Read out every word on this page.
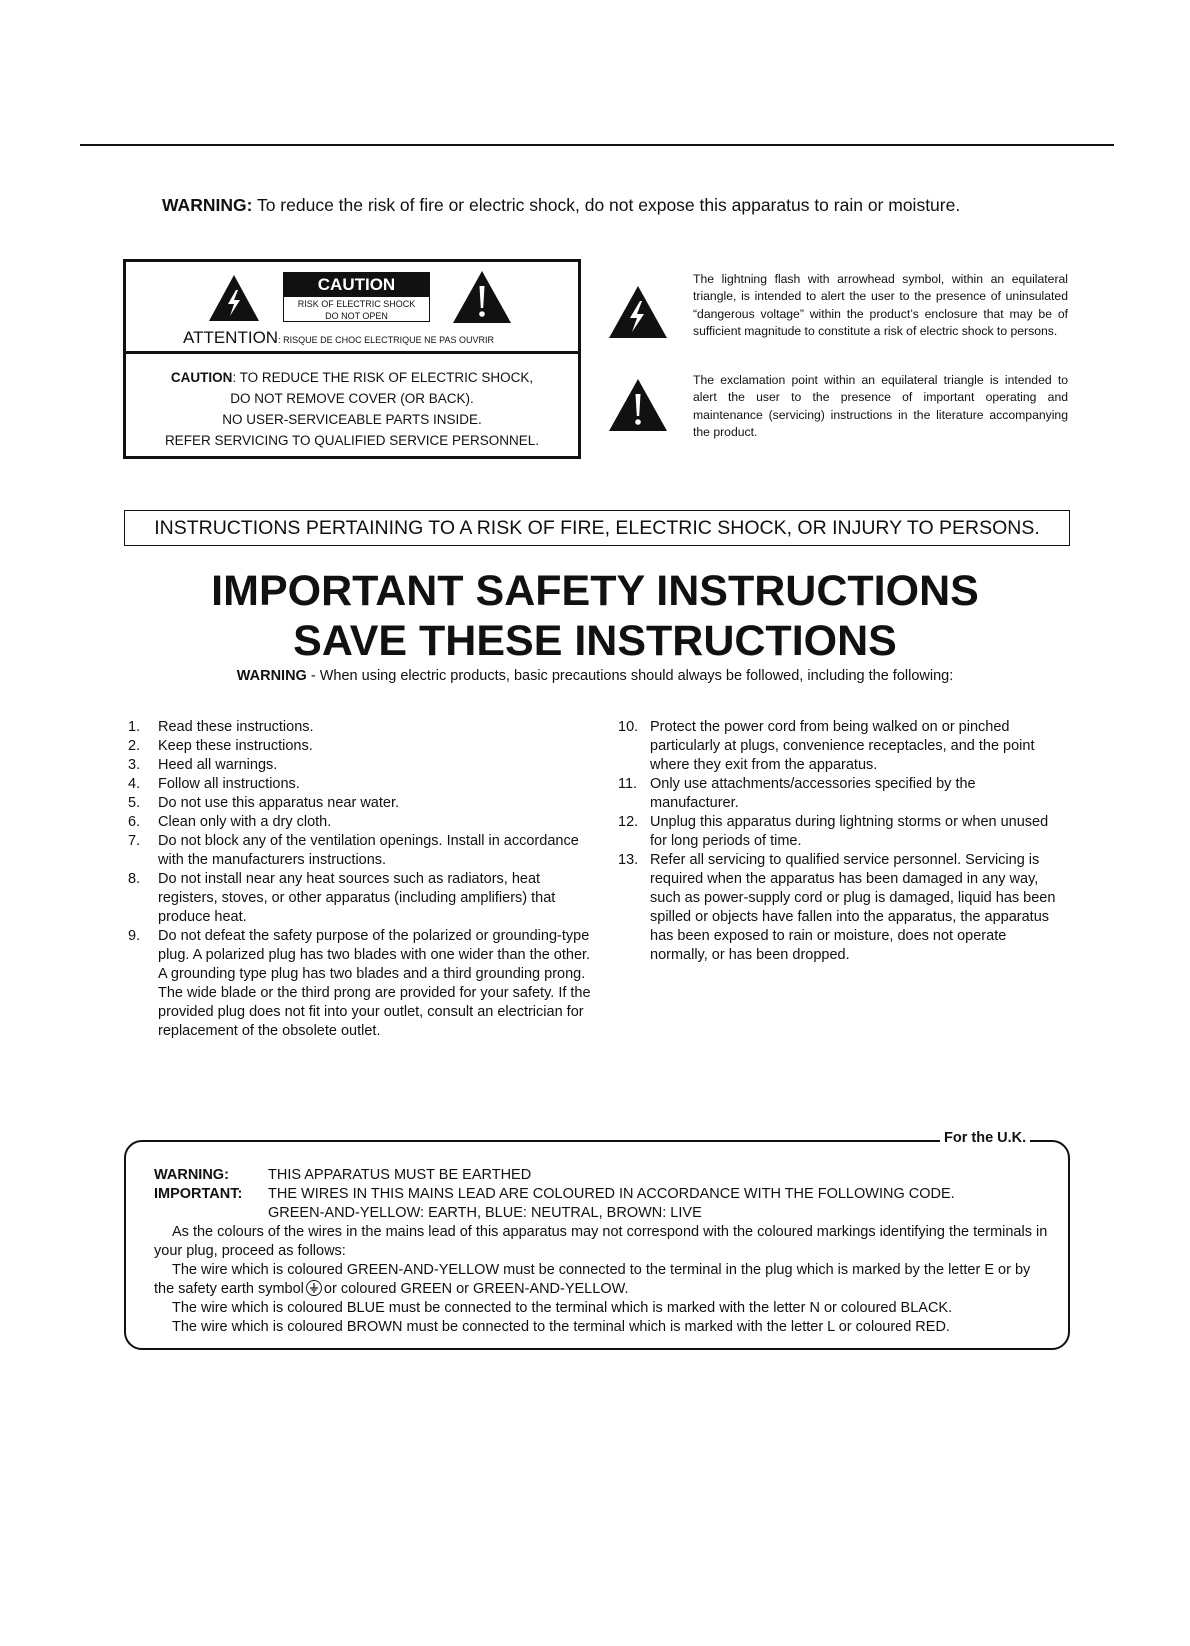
WARNING: To reduce the risk of fire or electric shock, do not expose this apparatus to rain or moisture.
CAUTION
RISK OF ELECTRIC SHOCK
DO NOT OPEN
ATTENTION: RISQUE DE CHOC ELECTRIQUE NE PAS OUVRIR
CAUTION: TO REDUCE THE RISK OF ELECTRIC SHOCK,
DO NOT REMOVE COVER (OR BACK).
NO USER-SERVICEABLE PARTS INSIDE.
REFER SERVICING TO QUALIFIED SERVICE PERSONNEL.
The lightning flash with arrowhead symbol, within an equilateral triangle, is intended to alert the user to the presence of uninsulated “dangerous voltage” within the product’s enclosure that may be of sufficient magnitude to constitute a risk of electric shock to persons.
The exclamation point within an equilateral triangle is intended to alert the user to the presence of important operating and maintenance (servicing) instructions in the literature accompanying the product.
INSTRUCTIONS PERTAINING TO A RISK OF FIRE, ELECTRIC SHOCK, OR INJURY TO PERSONS.
IMPORTANT SAFETY INSTRUCTIONS
SAVE THESE INSTRUCTIONS
WARNING - When using electric products, basic precautions should always be followed, including the following:
1. Read these instructions.
2. Keep these instructions.
3. Heed all warnings.
4. Follow all instructions.
5. Do not use this apparatus near water.
6. Clean only with a dry cloth.
7. Do not block any of the ventilation openings. Install in accordance with the manufacturers instructions.
8. Do not install near any heat sources such as radiators, heat registers, stoves, or other apparatus (including amplifiers) that produce heat.
9. Do not defeat the safety purpose of the polarized or grounding-type plug. A polarized plug has two blades with one wider than the other. A grounding type plug has two blades and a third grounding prong. The wide blade or the third prong are provided for your safety. If the provided plug does not fit into your outlet, consult an electrician for replacement of the obsolete outlet.
10. Protect the power cord from being walked on or pinched particularly at plugs, convenience receptacles, and the point where they exit from the apparatus.
11. Only use attachments/accessories specified by the manufacturer.
12. Unplug this apparatus during lightning storms or when unused for long periods of time.
13. Refer all servicing to qualified service personnel. Servicing is required when the apparatus has been damaged in any way, such as power-supply cord or plug is damaged, liquid has been spilled or objects have fallen into the apparatus, the apparatus has been exposed to rain or moisture, does not operate normally, or has been dropped.
WARNING:	THIS APPARATUS MUST BE EARTHED
IMPORTANT: THE WIRES IN THIS MAINS LEAD ARE COLOURED IN ACCORDANCE WITH THE FOLLOWING CODE.
GREEN-AND-YELLOW: EARTH, BLUE: NEUTRAL, BROWN: LIVE
As the colours of the wires in the mains lead of this apparatus may not correspond with the coloured markings identifying the terminals in your plug, proceed as follows:
The wire which is coloured GREEN-AND-YELLOW must be connected to the terminal in the plug which is marked by the letter E or by the safety earth symbol or coloured GREEN or GREEN-AND-YELLOW.
The wire which is coloured BLUE must be connected to the terminal which is marked with the letter N or coloured BLACK.
The wire which is coloured BROWN must be connected to the terminal which is marked with the letter L or coloured RED.
For the U.K.
